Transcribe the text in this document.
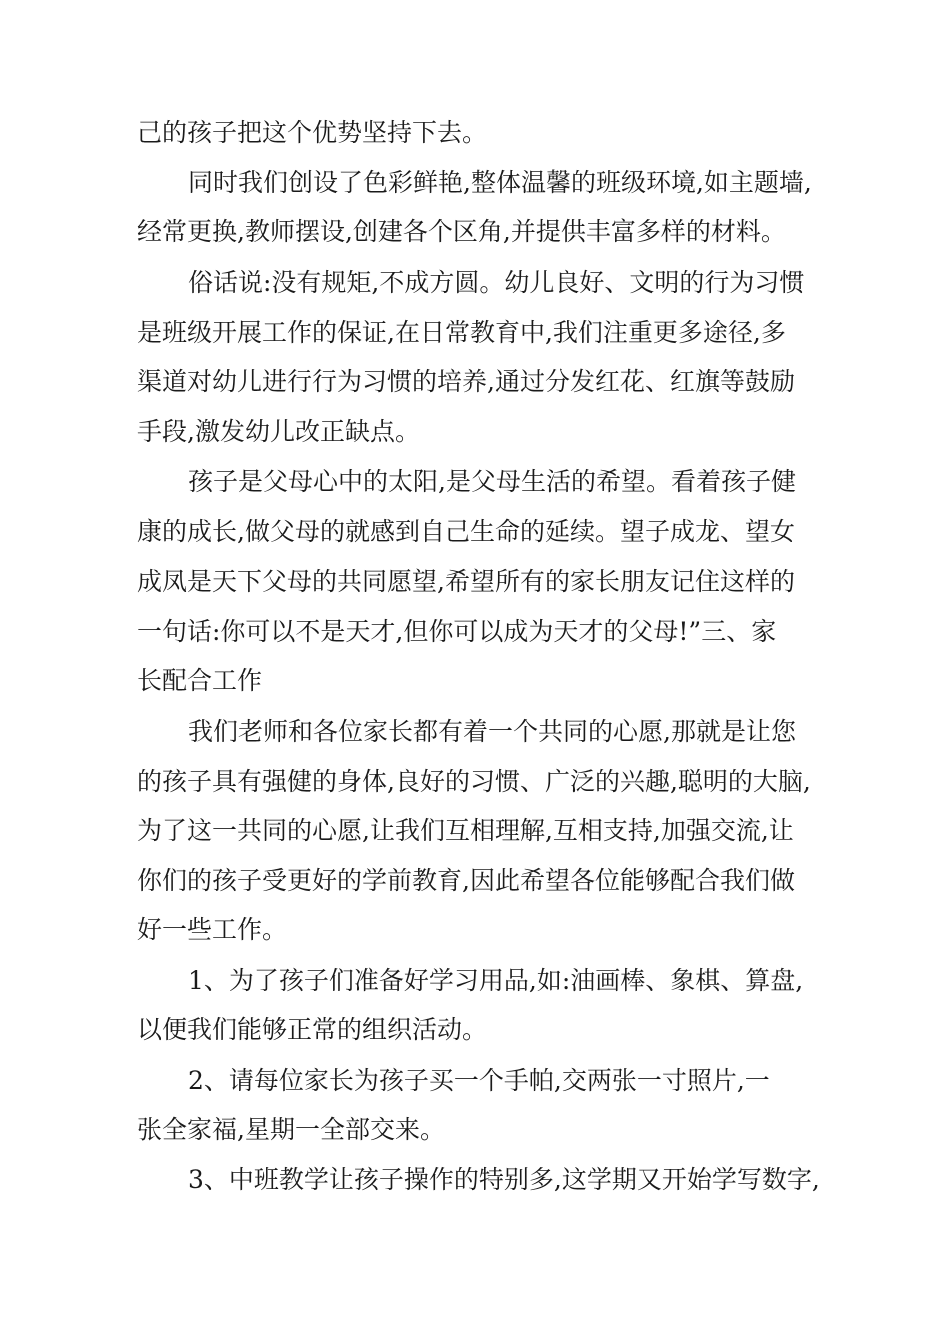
己的孩子把这个优势坚持下去。

同时我们创设了色彩鲜艳,整体温馨的班级环境,如主题墙,

经常更换,教师摆设,创建各个区角,并提供丰富多样的材料。

俗话说:没有规矩,不成方圆。幼儿良好、文明的行为习惯

是班级开展工作的保证,在日常教育中,我们注重更多途径,多

渠道对幼儿进行行为习惯的培养,通过分发红花、红旗等鼓励

手段,激发幼儿改正缺点。

孩子是父母心中的太阳,是父母生活的希望。看着孩子健

康的成长,做父母的就感到自己生命的延续。望子成龙、望女

成凤是天下父母的共同愿望,希望所有的家长朋友记住这样的

一句话:你可以不是天才,但你可以成为天才的父母!”三、家

长配合工作

我们老师和各位家长都有着一个共同的心愿,那就是让您

的孩子具有强健的身体,良好的习惯、广泛的兴趣,聪明的大脑,

为了这一共同的心愿,让我们互相理解,互相支持,加强交流,让

你们的孩子受更好的学前教育,因此希望各位能够配合我们做

好一些工作。

1、为了孩子们准备好学习用品,如:油画棒、象棋、算盘,

以便我们能够正常的组织活动。

2、请每位家长为孩子买一个手帕,交两张一寸照片,一

张全家福,星期一全部交来。

3、中班教学让孩子操作的特别多,这学期又开始学写数字,
